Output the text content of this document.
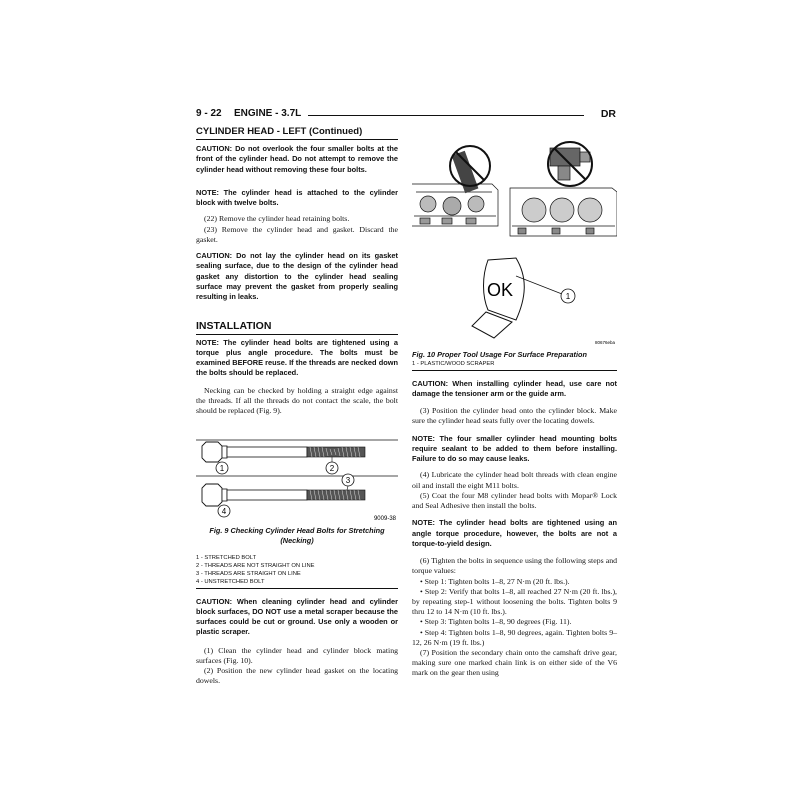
9 - 22 ENGINE - 3.7L	DR

CYLINDER HEAD - LEFT (Continued)

CAUTION: Do not overlook the four smaller bolts at the front of the cylinder head. Do not attempt to remove the cylinder head without removing these four bolts.

NOTE: The cylinder head is attached to the cylinder block with twelve bolts.

(22) Remove the cylinder head retaining bolts.

(23) Remove the cylinder head and gasket. Discard the gasket.

CAUTION: Do not lay the cylinder head on its gasket sealing surface, due to the design of the cylinder head gasket any distortion to the cylinder head sealing surface may prevent the gasket from properly sealing resulting in leaks.

INSTALLATION

NOTE: The cylinder head bolts are tightened using a torque plus angle procedure. The bolts must be examined BEFORE reuse. If the threads are necked down the bolts should be replaced.

Necking can be checked by holding a straight edge against the threads. If all the threads do not contact the scale, the bolt should be replaced (Fig. 9).

1	2
3
4
9009-38

Fig. 9 Checking Cylinder Head Bolts for Stretching (Necking)

1 - STRETCHED BOLT

2 - THREADS ARE NOT STRAIGHT ON LINE

3 - THREADS ARE STRAIGHT ON LINE

4 - UNSTRETCHED BOLT

CAUTION: When cleaning cylinder head and cylinder block surfaces, DO NOT use a metal scraper because the surfaces could be cut or ground. Use only a wooden or plastic scraper.

(1) Clean the cylinder head and cylinder block mating surfaces (Fig. 10).

(2) Position the new cylinder head gasket on the locating dowels.

OK	1
80676eba

Fig. 10 Proper Tool Usage For Surface Preparation

1 - PLASTIC/WOOD SCRAPER

CAUTION: When installing cylinder head, use care not damage the tensioner arm or the guide arm.

(3) Position the cylinder head onto the cylinder block. Make sure the cylinder head seats fully over the locating dowels.

NOTE: The four smaller cylinder head mounting bolts require sealant to be added to them before installing. Failure to do so may cause leaks.

(4) Lubricate the cylinder head bolt threads with clean engine oil and install the eight M11 bolts.

(5) Coat the four M8 cylinder head bolts with Mopar® Lock and Seal Adhesive then install the bolts.

NOTE: The cylinder head bolts are tightened using an angle torque procedure, however, the bolts are not a torque-to-yield design.

(6) Tighten the bolts in sequence using the following steps and torque values:

• Step 1: Tighten bolts 1–8, 27 N·m (20 ft. lbs.).

• Step 2: Verify that bolts 1–8, all reached 27 N·m (20 ft. lbs.), by repeating step-1 without loosening the bolts. Tighten bolts 9 thru 12 to 14 N·m (10 ft. lbs.).

• Step 3: Tighten bolts 1–8, 90 degrees (Fig. 11).

• Step 4: Tighten bolts 1–8, 90 degrees, again. Tighten bolts 9–12, 26 N·m (19 ft. lbs.)

(7) Position the secondary chain onto the camshaft drive gear, making sure one marked chain link is on either side of the V6 mark on the gear then using
